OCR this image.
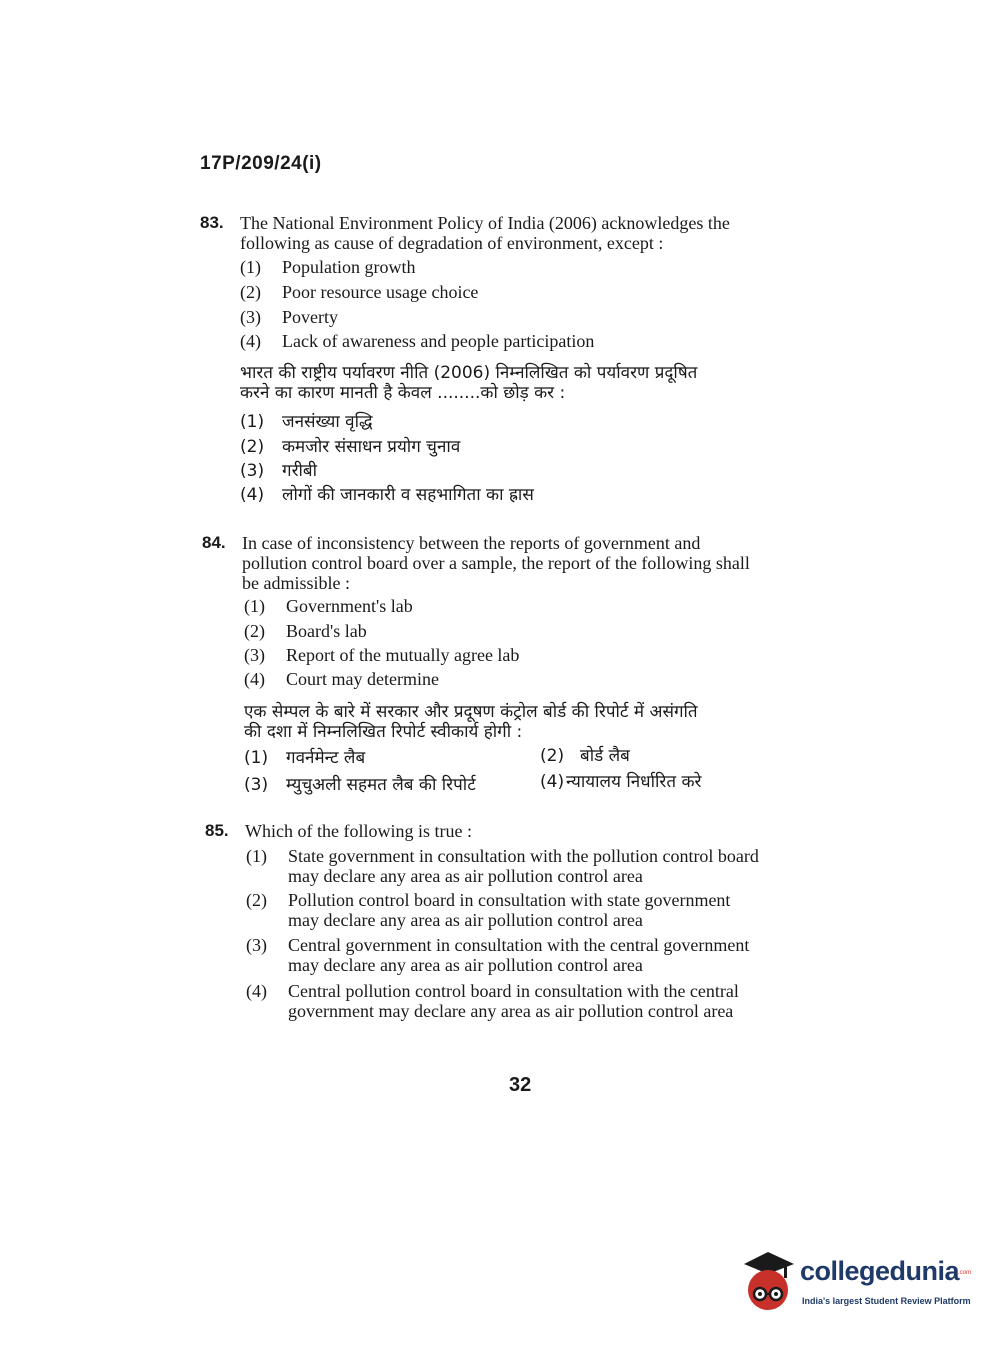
17P/209/24(i)
83. The National Environment Policy of India (2006) acknowledges the
following as cause of degradation of environment, except :
(1) Population growth
(2) Poor resource usage choice
(3) Poverty
(4) Lack of awareness and people participation
भारत की राष्ट्रीय पर्यावरण नीति (2006) निम्नलिखित को पर्यावरण प्रदूषित
करने का कारण मानती है केवल ........को छोड़ कर :
(1) जनसंख्या वृद्धि
(2) कमजोर संसाधन प्रयोग चुनाव
(3) गरीबी
(4) लोगों की जानकारी व सहभागिता का ह्रास
84. In case of inconsistency between the reports of government and
pollution control board over a sample, the report of the following shall
be admissible :
(1) Government's lab
(2) Board's lab
(3) Report of the mutually agree lab
(4) Court may determine
एक सेम्पल के बारे में सरकार और प्रदूषण कंट्रोल बोर्ड की रिपोर्ट में असंगति
की दशा में निम्नलिखित रिपोर्ट स्वीकार्य होगी :
(1) गवर्नमेन्ट लैब	(2) बोर्ड लैब
(3) म्युचुअली सहमत लैब की रिपोर्ट	(4) न्यायालय निर्धारित करे
85. Which of the following is true :
(1) State government in consultation with the pollution control board
may declare any area as air pollution control area
(2) Pollution control board in consultation with state government
may declare any area as air pollution control area
(3) Central government in consultation with the central government
may declare any area as air pollution control area
(4) Central pollution control board in consultation with the central
government may declare any area as air pollution control area
32
collegedunia
.com
India's largest Student Review Platform
